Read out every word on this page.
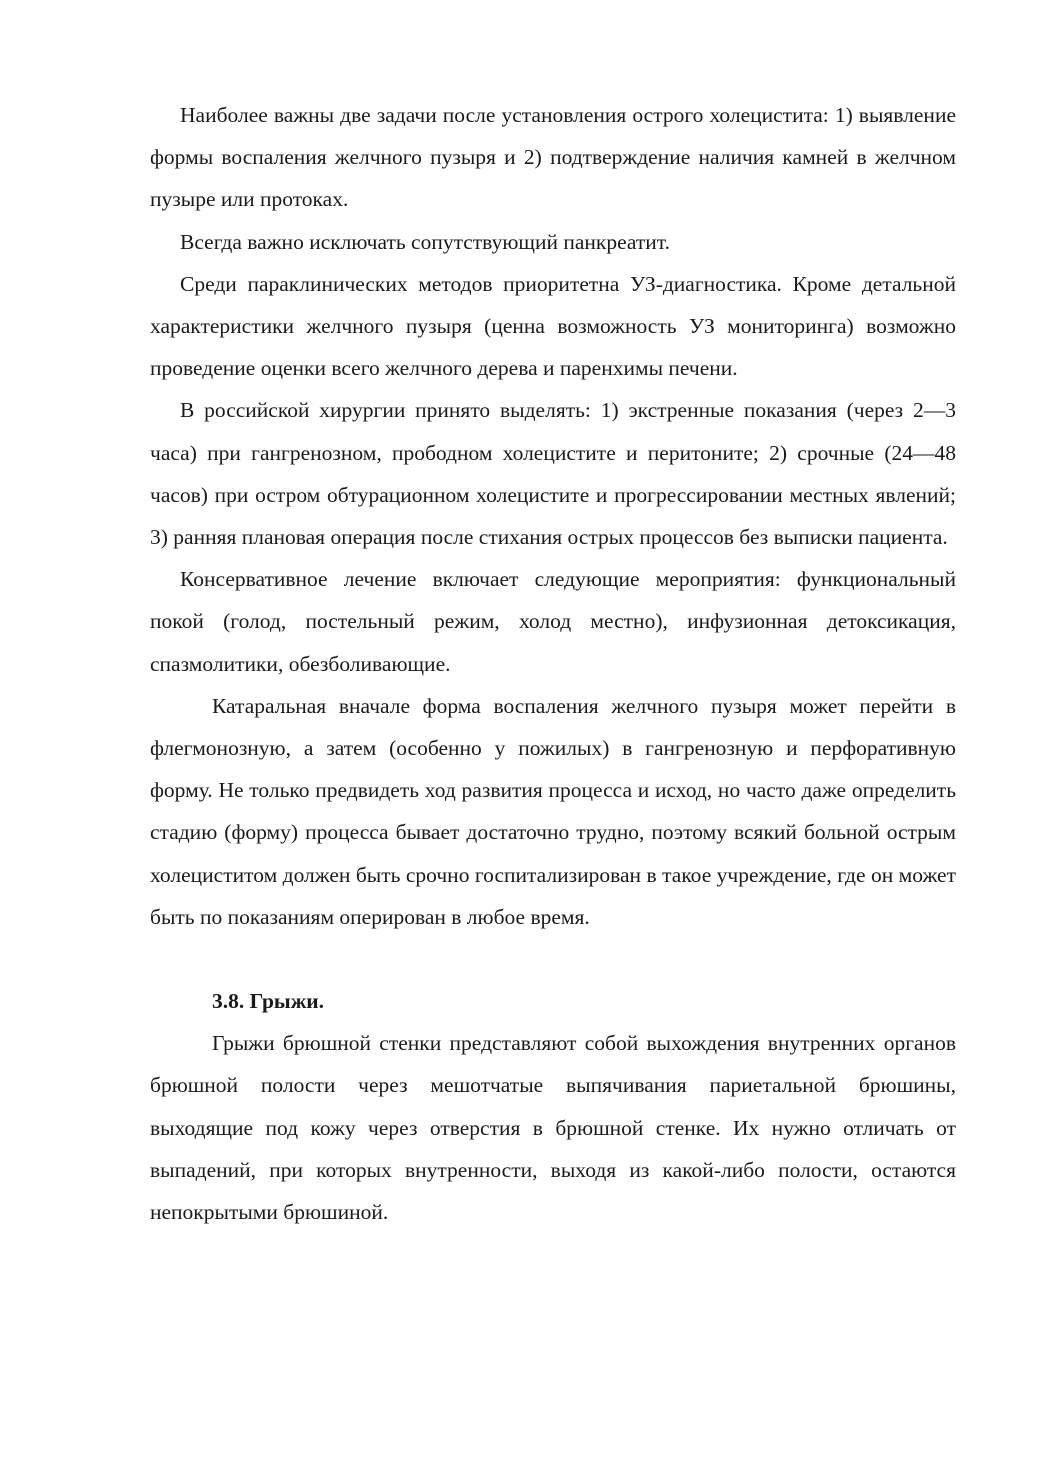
Наиболее важны две задачи после установления острого холецистита: 1) выявление формы воспаления желчного пузыря и 2) подтверждение наличия камней в желчном пузыре или протоках.

Всегда важно исключать сопутствующий панкреатит.

Среди параклинических методов приоритетна УЗ-диагностика. Кроме детальной характеристики желчного пузыря (ценна возможность УЗ мониторинга) возможно проведение оценки всего желчного дерева и паренхимы печени.

В российской хирургии принято выделять: 1) экстренные показания (через 2—3 часа) при гангренозном, прободном холецистите и перитоните; 2) срочные (24—48 часов) при остром обтурационном холецистите и прогрессировании местных явлений; 3) ранняя плановая операция после стихания острых процессов без выписки пациента.

Консервативное лечение включает следующие мероприятия: функциональный покой (голод, постельный режим, холод местно), инфузионная детоксикация, спазмолитики, обезболивающие.

Катаральная вначале форма воспаления желчного пузыря может перейти в флегмонозную, а затем (особенно у пожилых) в гангренозную и перфоративную форму. Не только предвидеть ход развития процесса и исход, но часто даже определить стадию (форму) процесса бывает достаточно трудно, поэтому всякий больной острым холециститом должен быть срочно госпитализирован в такое учреждение, где он может быть по показаниям оперирован в любое время.

3.8. Грыжи.

Грыжи брюшной стенки представляют собой выхождения внутренних органов брюшной полости через мешотчатые выпячивания париетальной брюшины, выходящие под кожу через отверстия в брюшной стенке. Их нужно отличать от выпадений, при которых внутренности, выходя из какой-либо полости, остаются непокрытыми брюшиной.
